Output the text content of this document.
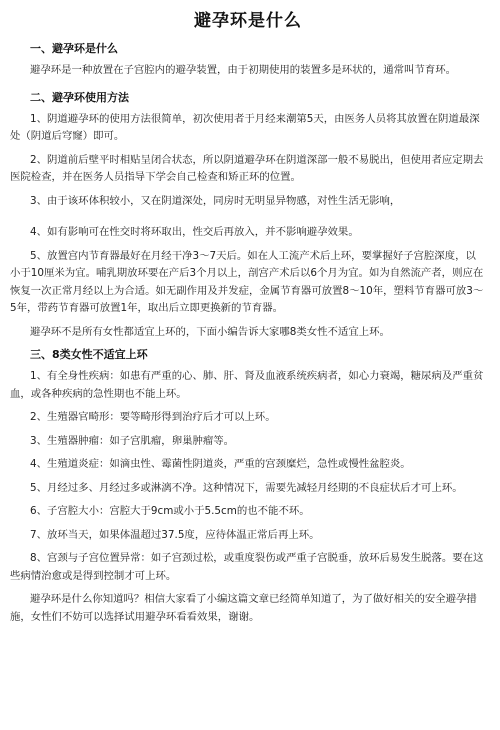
避孕环是什么
一、避孕环是什么

避孕环是一种放置在子宫腔内的避孕装置，由于初期使用的装置多是环状的，通常叫节育环。

二、避孕环使用方法

1、阴道避孕环的使用方法很简单，初次使用者于月经来潮第5天，由医务人员将其放置在阴道最深处（阴道后穹窿）即可。

2、阴道前后壁平时相贴呈闭合状态，所以阴道避孕环在阴道深部一般不易脱出，但使用者应定期去医院检查，并在医务人员指导下学会自己检查和矫正环的位置。

3、由于该环体积较小，又在阴道深处，同房时无明显异物感，对性生活无影响，

4、如有影响可在性交时将环取出，性交后再放入，并不影响避孕效果。

5、放置宫内节育器最好在月经干净3～7天后。如在人工流产术后上环，要掌握好子宫腔深度，以小于10厘米为宜。哺乳期放环要在产后3个月以上，剖宫产术后以6个月为宜。如为自然流产者，则应在恢复一次正常月经以上为合适。如无副作用及并发症，金属节育器可放置8～10年，塑料节育器可放3～5年，带药节育器可放置1年，取出后立即更换新的节育器。

避孕环不是所有女性都适宜上环的，下面小编告诉大家哪8类女性不适宜上环。

三、8类女性不适宜上环

1、有全身性疾病：如患有严重的心、肺、肝、肾及血液系统疾病者，如心力衰竭，糖尿病及严重贫血，或各种疾病的急性期也不能上环。

2、生殖器官畸形：要等畸形得到治疗后才可以上环。

3、生殖器肿瘤：如子宫肌瘤，卵巢肿瘤等。

4、生殖道炎症：如滴虫性、霉菌性阴道炎，严重的宫颈糜烂，急性或慢性盆腔炎。

5、月经过多、月经过多或淋漓不净。这种情况下，需要先减轻月经期的不良症状后才可上环。

6、子宫腔大小：宫腔大于9cm或小于5.5cm的也不能不环。

7、放环当天，如果体温超过37.5度，应待体温正常后再上环。

8、宫颈与子宫位置异常：如子宫颈过松，或重度裂伤或严重子宫脱垂，放环后易发生脱落。要在这些病情治愈或是得到控制才可上环。

避孕环是什么你知道吗？相信大家看了小编这篇文章已经简单知道了，为了做好相关的安全避孕措施，女性们不妨可以选择试用避孕环看看效果，谢谢。
